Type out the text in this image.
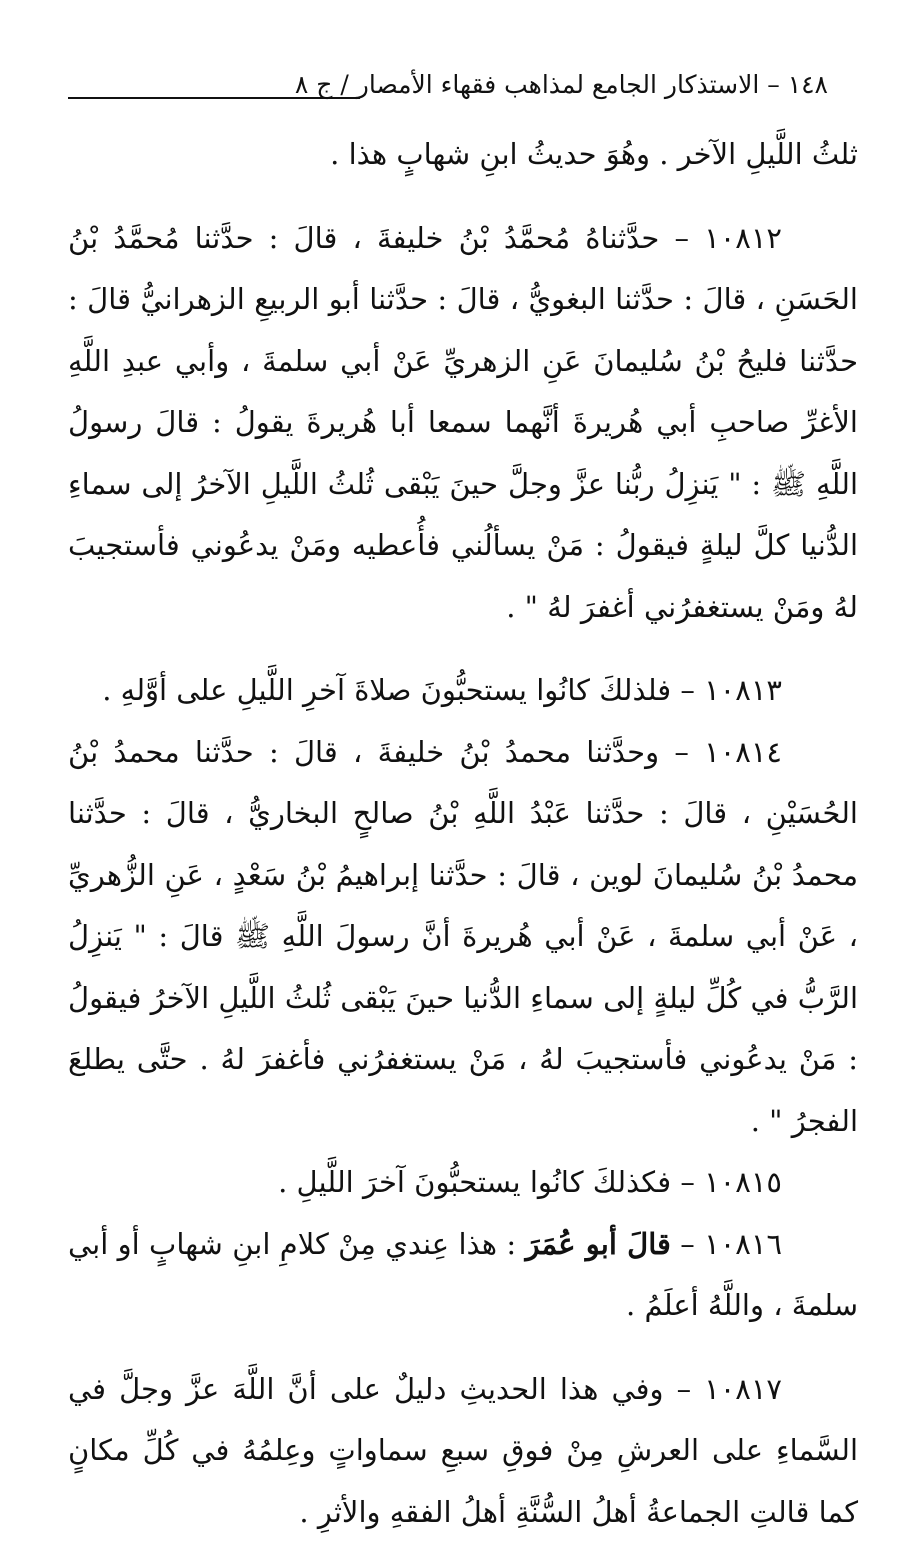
١٤٨ – الاستذكار الجامع لمذاهب فقهاء الأمصار / ج ٨

ثلثُ اللَّيلِ الآخر . وهُوَ حديثُ ابنِ شهابٍ هذا .

١٠٨١٢ – حدَّثناهُ مُحمَّدُ بْنُ خليفةَ ، قالَ : حدَّثنا مُحمَّدُ بْنُ الحَسَنِ ، قالَ : حدَّثنا البغويُّ ، قالَ : حدَّثنا أبو الربيعِ الزهرانيُّ قالَ : حدَّثنا فليحُ بْنُ سُليمانَ عَنِ الزهريِّ عَنْ أبي سلمةَ ، وأبي عبدِ اللَّهِ الأغرِّ صاحبِ أبي هُريرةَ أنَّهما سمعا أبا هُريرةَ يقولُ : قالَ رسولُ اللَّهِ ﷺ : " يَنزِلُ ربُّنا عزَّ وجلَّ حينَ يَبْقى ثُلثُ اللَّيلِ الآخرُ إلى سماءِ الدُّنيا كلَّ ليلةٍ فيقولُ : مَنْ يسألُني فأُعطيه ومَنْ يدعُوني فأستجيبَ لهُ ومَنْ يستغفرُني أغفرَ لهُ " .

١٠٨١٣ – فلذلكَ كانُوا يستحبُّونَ صلاةَ آخرِ اللَّيلِ على أوَّلهِ .

١٠٨١٤ – وحدَّثنا محمدُ بْنُ خليفةَ ، قالَ : حدَّثنا محمدُ بْنُ الحُسَيْنِ ، قالَ : حدَّثنا عَبْدُ اللَّهِ بْنُ صالحٍ البخاريُّ ، قالَ : حدَّثنا محمدُ بْنُ سُليمانَ لوين ، قالَ : حدَّثنا إبراهيمُ بْنُ سَعْدٍ ، عَنِ الزُّهريِّ ، عَنْ أبي سلمةَ ، عَنْ أبي هُريرةَ أنَّ رسولَ اللَّهِ ﷺ قالَ : " يَنزِلُ الرَّبُّ في كُلِّ ليلةٍ إلى سماءِ الدُّنيا حينَ يَبْقى ثُلثُ اللَّيلِ الآخرُ فيقولُ : مَنْ يدعُوني فأستجيبَ لهُ ، مَنْ يستغفرُني فأغفرَ لهُ . حتَّى يطلعَ الفجرُ " .

١٠٨١٥ – فكذلكَ كانُوا يستحبُّونَ آخرَ اللَّيلِ .

١٠٨١٦ – قالَ أبو عُمَرَ : هذا عِندي مِنْ كلامِ ابنِ شهابٍ أو أبي سلمةَ ، واللَّهُ أعلَمُ .

١٠٨١٧ – وفي هذا الحديثِ دليلٌ على أنَّ اللَّهَ عزَّ وجلَّ في السَّماءِ على العرشِ مِنْ فوقِ سبعِ سماواتٍ وعِلمُهُ في كُلِّ مكانٍ كما قالتِ الجماعةُ أهلُ السُّنَّةِ أهلُ الفقهِ والأثرِ .
